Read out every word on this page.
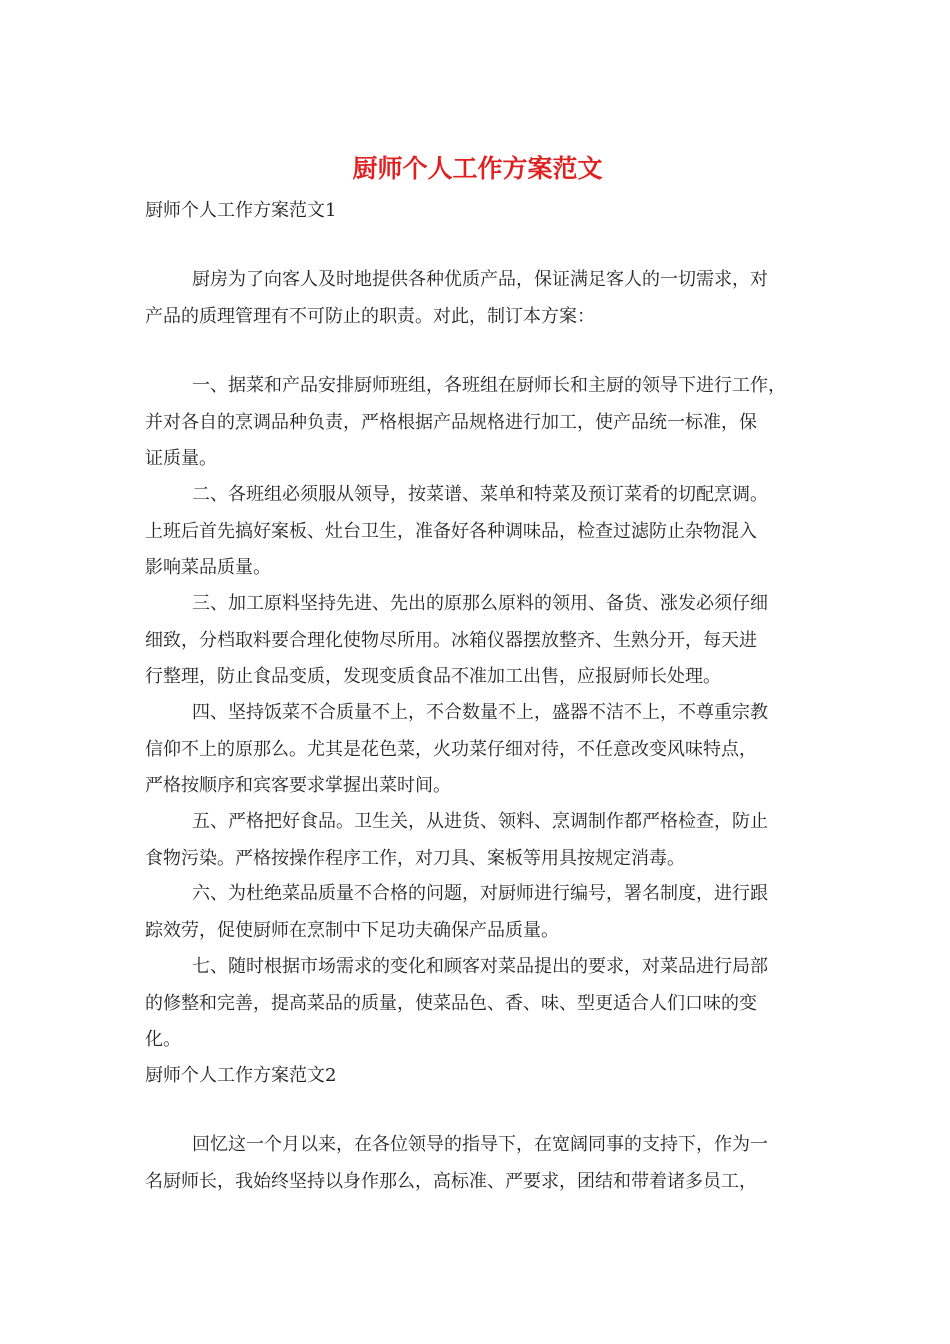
厨师个人工作方案范文
厨师个人工作方案范文1
厨房为了向客人及时地提供各种优质产品，保证满足客人的一切需求，对
产品的质理管理有不可防止的职责。对此，制订本方案：
一、据菜和产品安排厨师班组，各班组在厨师长和主厨的领导下进行工作，
并对各自的烹调品种负责，严格根据产品规格进行加工，使产品统一标准，保
证质量。
二、各班组必须服从领导，按菜谱、菜单和特菜及预订菜肴的切配烹调。
上班后首先搞好案板、灶台卫生，准备好各种调味品，检查过滤防止杂物混入
影响菜品质量。
三、加工原料坚持先进、先出的原那么原料的领用、备货、涨发必须仔细
细致，分档取料要合理化使物尽所用。冰箱仪器摆放整齐、生熟分开，每天进
行整理，防止食品变质，发现变质食品不准加工出售，应报厨师长处理。
四、坚持饭菜不合质量不上，不合数量不上，盛器不洁不上，不尊重宗教
信仰不上的原那么。尤其是花色菜，火功菜仔细对待，不任意改变风味特点，
严格按顺序和宾客要求掌握出菜时间。
五、严格把好食品。卫生关，从进货、领料、烹调制作都严格检查，防止
食物污染。严格按操作程序工作，对刀具、案板等用具按规定消毒。
六、为杜绝菜品质量不合格的问题，对厨师进行编号，署名制度，进行跟
踪效劳，促使厨师在烹制中下足功夫确保产品质量。
七、随时根据市场需求的变化和顾客对菜品提出的要求，对菜品进行局部
的修整和完善，提高菜品的质量，使菜品色、香、味、型更适合人们口味的变
化。
厨师个人工作方案范文2
回忆这一个月以来，在各位领导的指导下，在宽阔同事的支持下，作为一
名厨师长，我始终坚持以身作那么，高标准、严要求，团结和带着诸多员工，
